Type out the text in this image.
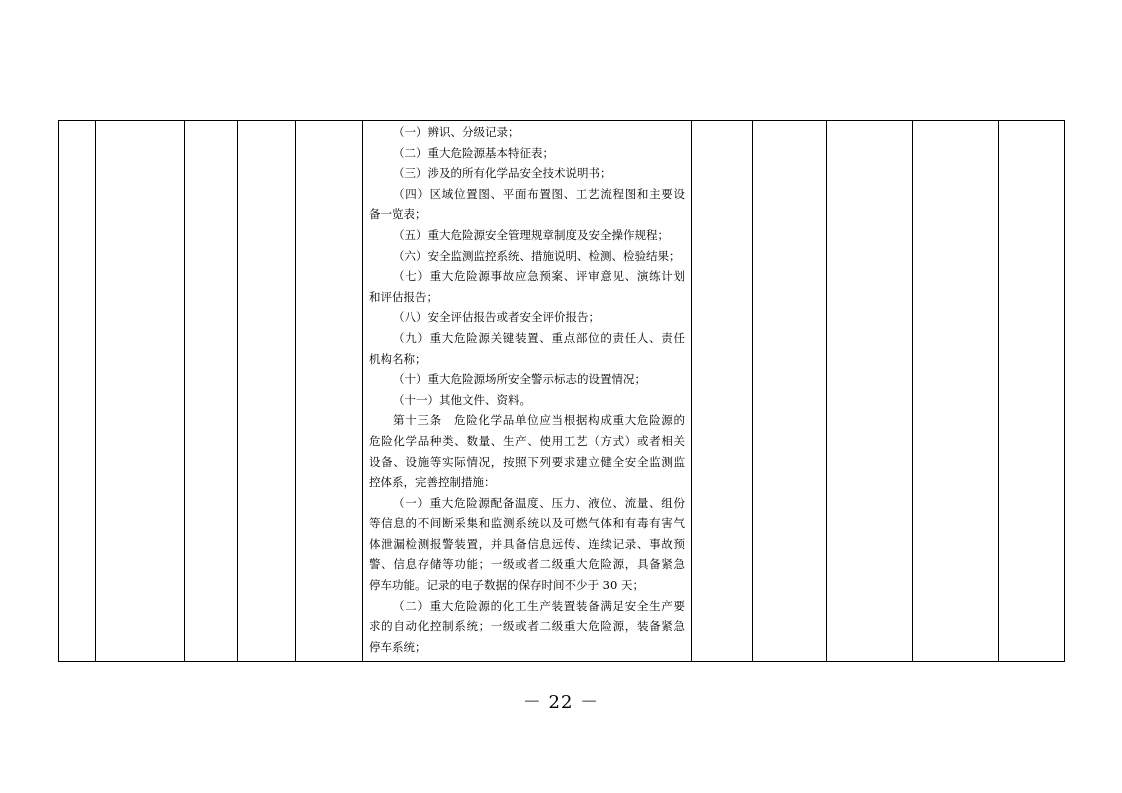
（一）辨识、分级记录；
（二）重大危险源基本特征表；
（三）涉及的所有化学品安全技术说明书；
（四）区域位置图、平面布置图、工艺流程图和主要设
备一览表；
（五）重大危险源安全管理规章制度及安全操作规程；
（六）安全监测监控系统、措施说明、检测、检验结果；
（七）重大危险源事故应急预案、评审意见、演练计划
和评估报告；
（八）安全评估报告或者安全评价报告；
（九）重大危险源关键装置、重点部位的责任人、责任
机构名称；
（十）重大危险源场所安全警示标志的设置情况；
（十一）其他文件、资料。
第十三条　危险化学品单位应当根据构成重大危险源的
危险化学品种类、数量、生产、使用工艺（方式）或者相关
设备、设施等实际情况，按照下列要求建立健全安全监测监
控体系，完善控制措施：
（一）重大危险源配备温度、压力、液位、流量、组份
等信息的不间断采集和监测系统以及可燃气体和有毒有害气
体泄漏检测报警装置，并具备信息远传、连续记录、事故预
警、信息存储等功能；一级或者二级重大危险源，具备紧急
停车功能。记录的电子数据的保存时间不少于 30 天；
（二）重大危险源的化工生产装置装备满足安全生产要
求的自动化控制系统；一级或者二级重大危险源，装备紧急
停车系统；

－ 22 －
